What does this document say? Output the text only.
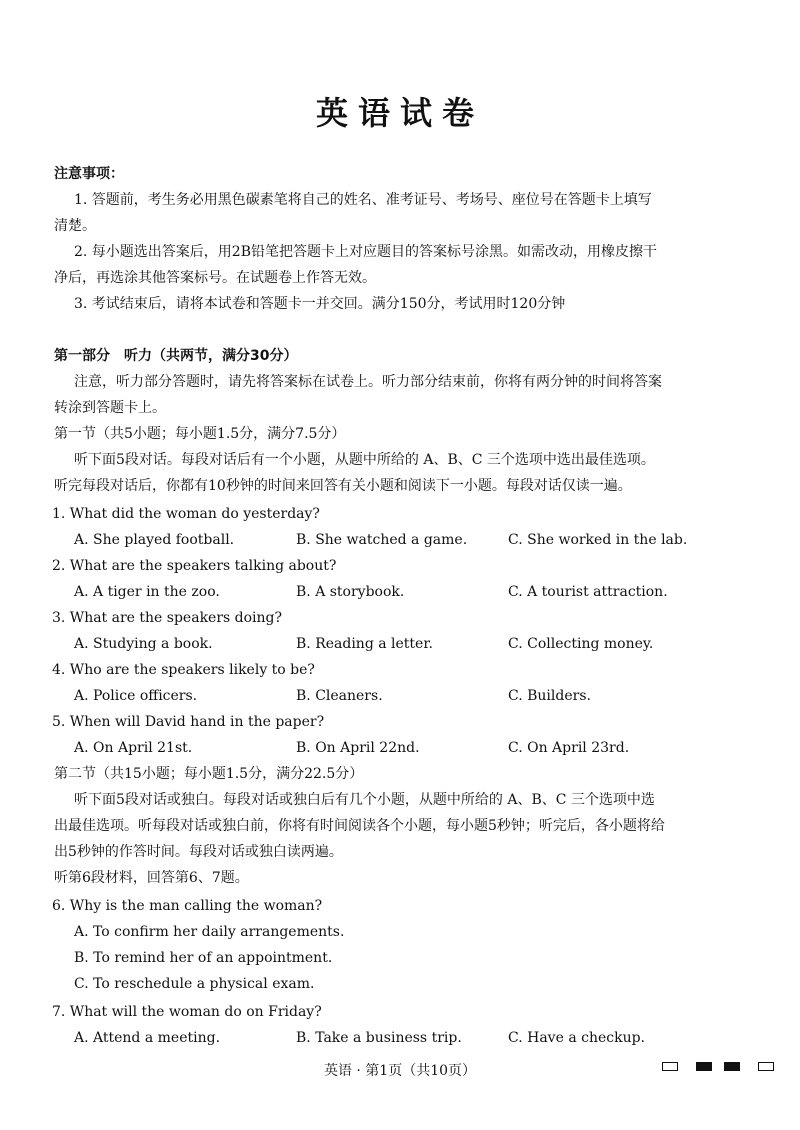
英语试卷
注意事项：
1. 答题前，考生务必用黑色碳素笔将自己的姓名、准考证号、考场号、座位号在答题卡上填写
清楚。
2. 每小题选出答案后，用2B铅笔把答题卡上对应题目的答案标号涂黑。如需改动，用橡皮擦干
净后，再选涂其他答案标号。在试题卷上作答无效。
3. 考试结束后，请将本试卷和答题卡一并交回。满分150分，考试用时120分钟
第一部分　听力（共两节，满分30分）
注意，听力部分答题时，请先将答案标在试卷上。听力部分结束前，你将有两分钟的时间将答案
转涂到答题卡上。
第一节（共5小题；每小题1.5分，满分7.5分）
听下面5段对话。每段对话后有一个小题，从题中所给的 A、B、C 三个选项中选出最佳选项。
听完每段对话后，你都有10秒钟的时间来回答有关小题和阅读下一小题。每段对话仅读一遍。
1. What did the woman do yesterday?
A. She played football.	B. She watched a game.	C. She worked in the lab.
2. What are the speakers talking about?
A. A tiger in the zoo.	B. A storybook.	C. A tourist attraction.
3. What are the speakers doing?
A. Studying a book.	B. Reading a letter.	C. Collecting money.
4. Who are the speakers likely to be?
A. Police officers.	B. Cleaners.	C. Builders.
5. When will David hand in the paper?
A. On April 21st.	B. On April 22nd.	C. On April 23rd.
第二节（共15小题；每小题1.5分，满分22.5分）
听下面5段对话或独白。每段对话或独白后有几个小题，从题中所给的 A、B、C 三个选项中选
出最佳选项。听每段对话或独白前，你将有时间阅读各个小题，每小题5秒钟；听完后，各小题将给
出5秒钟的作答时间。每段对话或独白读两遍。
听第6段材料，回答第6、7题。
6. Why is the man calling the woman?
A. To confirm her daily arrangements.
B. To remind her of an appointment.
C. To reschedule a physical exam.
7. What will the woman do on Friday?
A. Attend a meeting.	B. Take a business trip.	C. Have a checkup.
英语 · 第1页（共10页）
